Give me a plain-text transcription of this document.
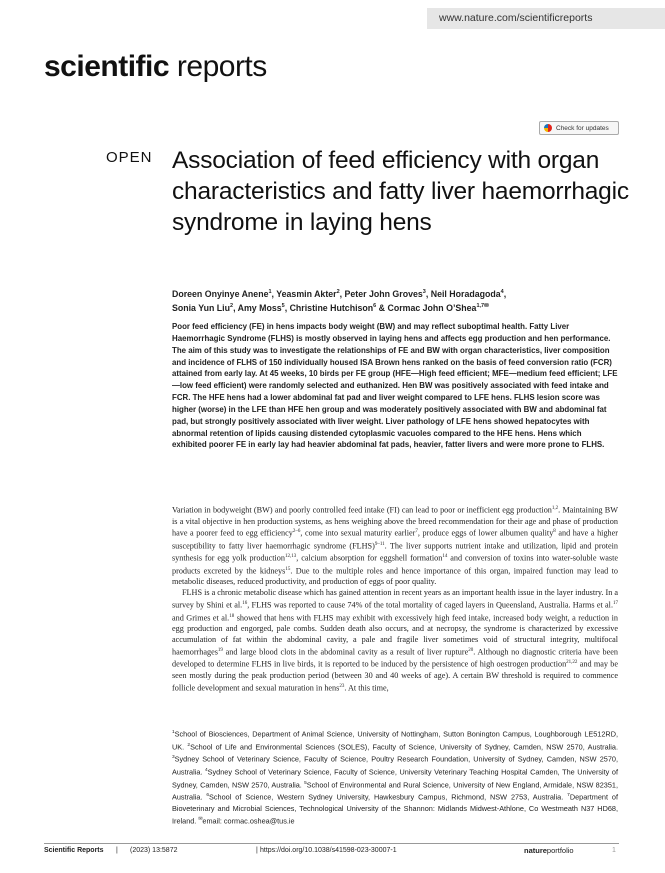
www.nature.com/scientificreports
scientific reports
Check for updates
OPEN Association of feed efficiency with organ characteristics and fatty liver haemorrhagic syndrome in laying hens
Doreen Onyinye Anene$^1$, Yeasmin Akter$^2$, Peter John Groves$^3$, Neil Horadagoda$^4$,
Sonia Yun Liu$^2$, Amy Moss$^5$, Christine Hutchison$^6$ & Cormac John O’Shea$^{1,7✉}$
Poor feed efficiency (FE) in hens impacts body weight (BW) and may reflect suboptimal health. Fatty Liver Haemorrhagic Syndrome (FLHS) is mostly observed in laying hens and affects egg production and hen performance. The aim of this study was to investigate the relationships of FE and BW with organ characteristics, liver composition and incidence of FLHS of 150 individually housed ISA Brown hens ranked on the basis of feed conversion ratio (FCR) attained from early lay. At 45 weeks, 10 birds per FE group (HFE—High feed efficient; MFE—medium feed efficient; LFE—low feed efficient) were randomly selected and euthanized. Hen BW was positively associated with feed intake and FCR. The HFE hens had a lower abdominal fat pad and liver weight compared to LFE hens. FLHS lesion score was higher (worse) in the LFE than HFE hen group and was moderately positively associated with BW and abdominal fat pad, but strongly positively associated with liver weight. Liver pathology of LFE hens showed hepatocytes with abnormal retention of lipids causing distended cytoplasmic vacuoles compared to the HFE hens. Hens which exhibited poorer FE in early lay had heavier abdominal fat pads, heavier, fatter livers and were more prone to FLHS.

Variation in bodyweight (BW) and poorly controlled feed intake (FI) can lead to poor or inefficient egg production$^{1,2}$. Maintaining BW is a vital objective in hen production systems, as hens weighing above the breed recommendation for their age and phase of production have a poorer feed to egg efficiency$^{2-6}$, come into sexual maturity earlier$^7$, produce eggs of lower albumen quality$^8$ and have a higher susceptibility to fatty liver haemorrhagic syndrome (FLHS)$^{9-11}$. The liver supports nutrient intake and utilization, lipid and protein synthesis for egg yolk production$^{12,13}$, calcium absorption for eggshell formation$^{14}$ and conversion of toxins into water-soluble waste products excreted by the kidneys$^{15}$. Due to the multiple roles and hence importance of this organ, impaired function may lead to metabolic diseases, reduced productivity, and production of eggs of poor quality.

FLHS is a chronic metabolic disease which has gained attention in recent years as an important health issue in the layer industry. In a survey by Shini et al.$^{16}$, FLHS was reported to cause 74% of the total mortality of caged layers in Queensland, Australia. Harms et al.$^{17}$ and Grimes et al.$^{18}$ showed that hens with FLHS may exhibit with excessively high feed intake, increased body weight, a reduction in egg production and engorged, pale combs. Sudden death also occurs, and at necropsy, the syndrome is characterized by excessive accumulation of fat within the abdominal cavity, a pale and fragile liver sometimes void of structural integrity, multifocal haemorrhages$^{19}$ and large blood clots in the abdominal cavity as a result of liver rupture$^{20}$. Although no diagnostic criteria have been developed to determine FLHS in live birds, it is reported to be induced by the persistence of high oestrogen production$^{21,22}$ and may be seen mostly during the peak production period (between 30 and 40 weeks of age). A certain BW threshold is required to commence follicle development and sexual maturation in hens$^{23}$. At this time,

$^1$School of Biosciences, Department of Animal Science, University of Nottingham, Sutton Bonington Campus, Loughborough LE512RD, UK. $^2$School of Life and Environmental Sciences (SOLES), Faculty of Science, University of Sydney, Camden, NSW 2570, Australia. $^3$Sydney School of Veterinary Science, Faculty of Science, Poultry Research Foundation, University of Sydney, Camden, NSW 2570, Australia. $^4$Sydney School of Veterinary Science, Faculty of Science, University Veterinary Teaching Hospital Camden, The University of Sydney, Camden, NSW 2570, Australia. $^5$School of Environmental and Rural Science, University of New England, Armidale, NSW 82351, Australia. $^6$School of Science, Western Sydney University, Hawkesbury Campus, Richmond, NSW 2753, Australia. $^7$Department of Bioveterinary and Microbial Sciences, Technological University of the Shannon: Midlands Midwest-Athlone, Co Westmeath N37 HD68, Ireland. ✉email: cormac.oshea@tus.ie
Scientific Reports | (2023) 13:5872	| https://doi.org/10.1038/s41598-023-30007-1	natureportfolio	1
